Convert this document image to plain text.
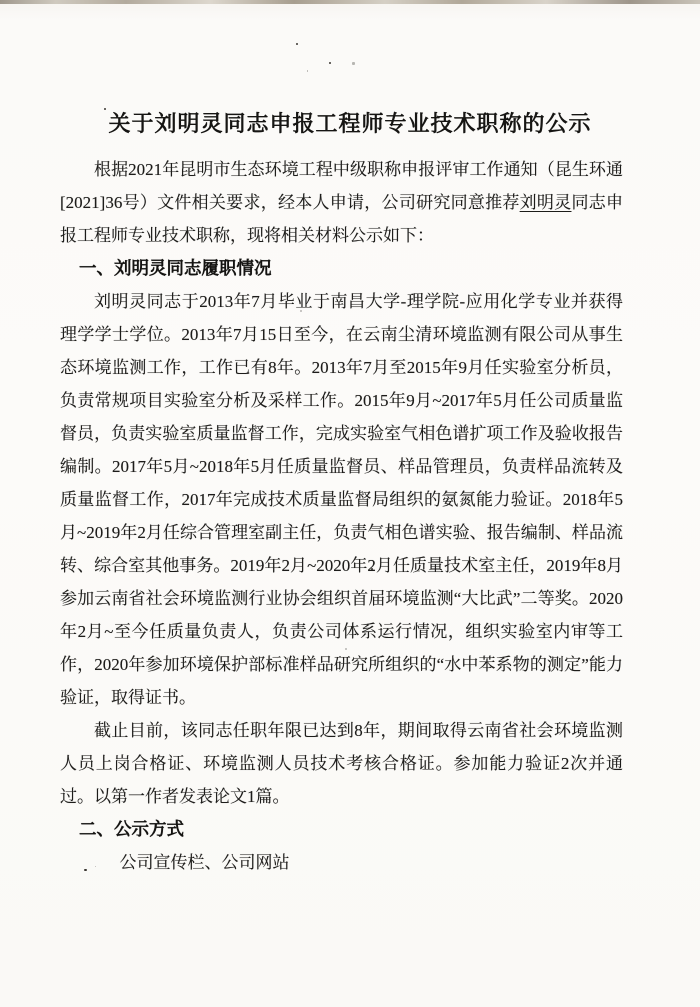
关于刘明灵同志申报工程师专业技术职称的公示

根据2021年昆明市生态环境工程中级职称申报评审工作通知（昆生环通[2021]36号）文件相关要求，经本人申请，公司研究同意推荐刘明灵同志申报工程师专业技术职称，现将相关材料公示如下：

一、刘明灵同志履职情况

刘明灵同志于2013年7月毕业于南昌大学-理学院-应用化学专业并获得理学学士学位。2013年7月15日至今，在云南尘清环境监测有限公司从事生态环境监测工作，工作已有8年。2013年7月至2015年9月任实验室分析员，负责常规项目实验室分析及采样工作。2015年9月~2017年5月任公司质量监督员，负责实验室质量监督工作，完成实验室气相色谱扩项工作及验收报告编制。2017年5月~2018年5月任质量监督员、样品管理员，负责样品流转及质量监督工作，2017年完成技术质量监督局组织的氨氮能力验证。2018年5月~2019年2月任综合管理室副主任，负责气相色谱实验、报告编制、样品流转、综合室其他事务。2019年2月~2020年2月任质量技术室主任，2019年8月参加云南省社会环境监测行业协会组织首届环境监测“大比武”二等奖。2020年2月~至今任质量负责人，负责公司体系运行情况，组织实验室内审等工作，2020年参加环境保护部标准样品研究所组织的“水中苯系物的测定”能力验证，取得证书。

截止目前，该同志任职年限已达到8年，期间取得云南省社会环境监测人员上岗合格证、环境监测人员技术考核合格证。参加能力验证2次并通过。以第一作者发表论文1篇。

二、公示方式

公司宣传栏、公司网站
